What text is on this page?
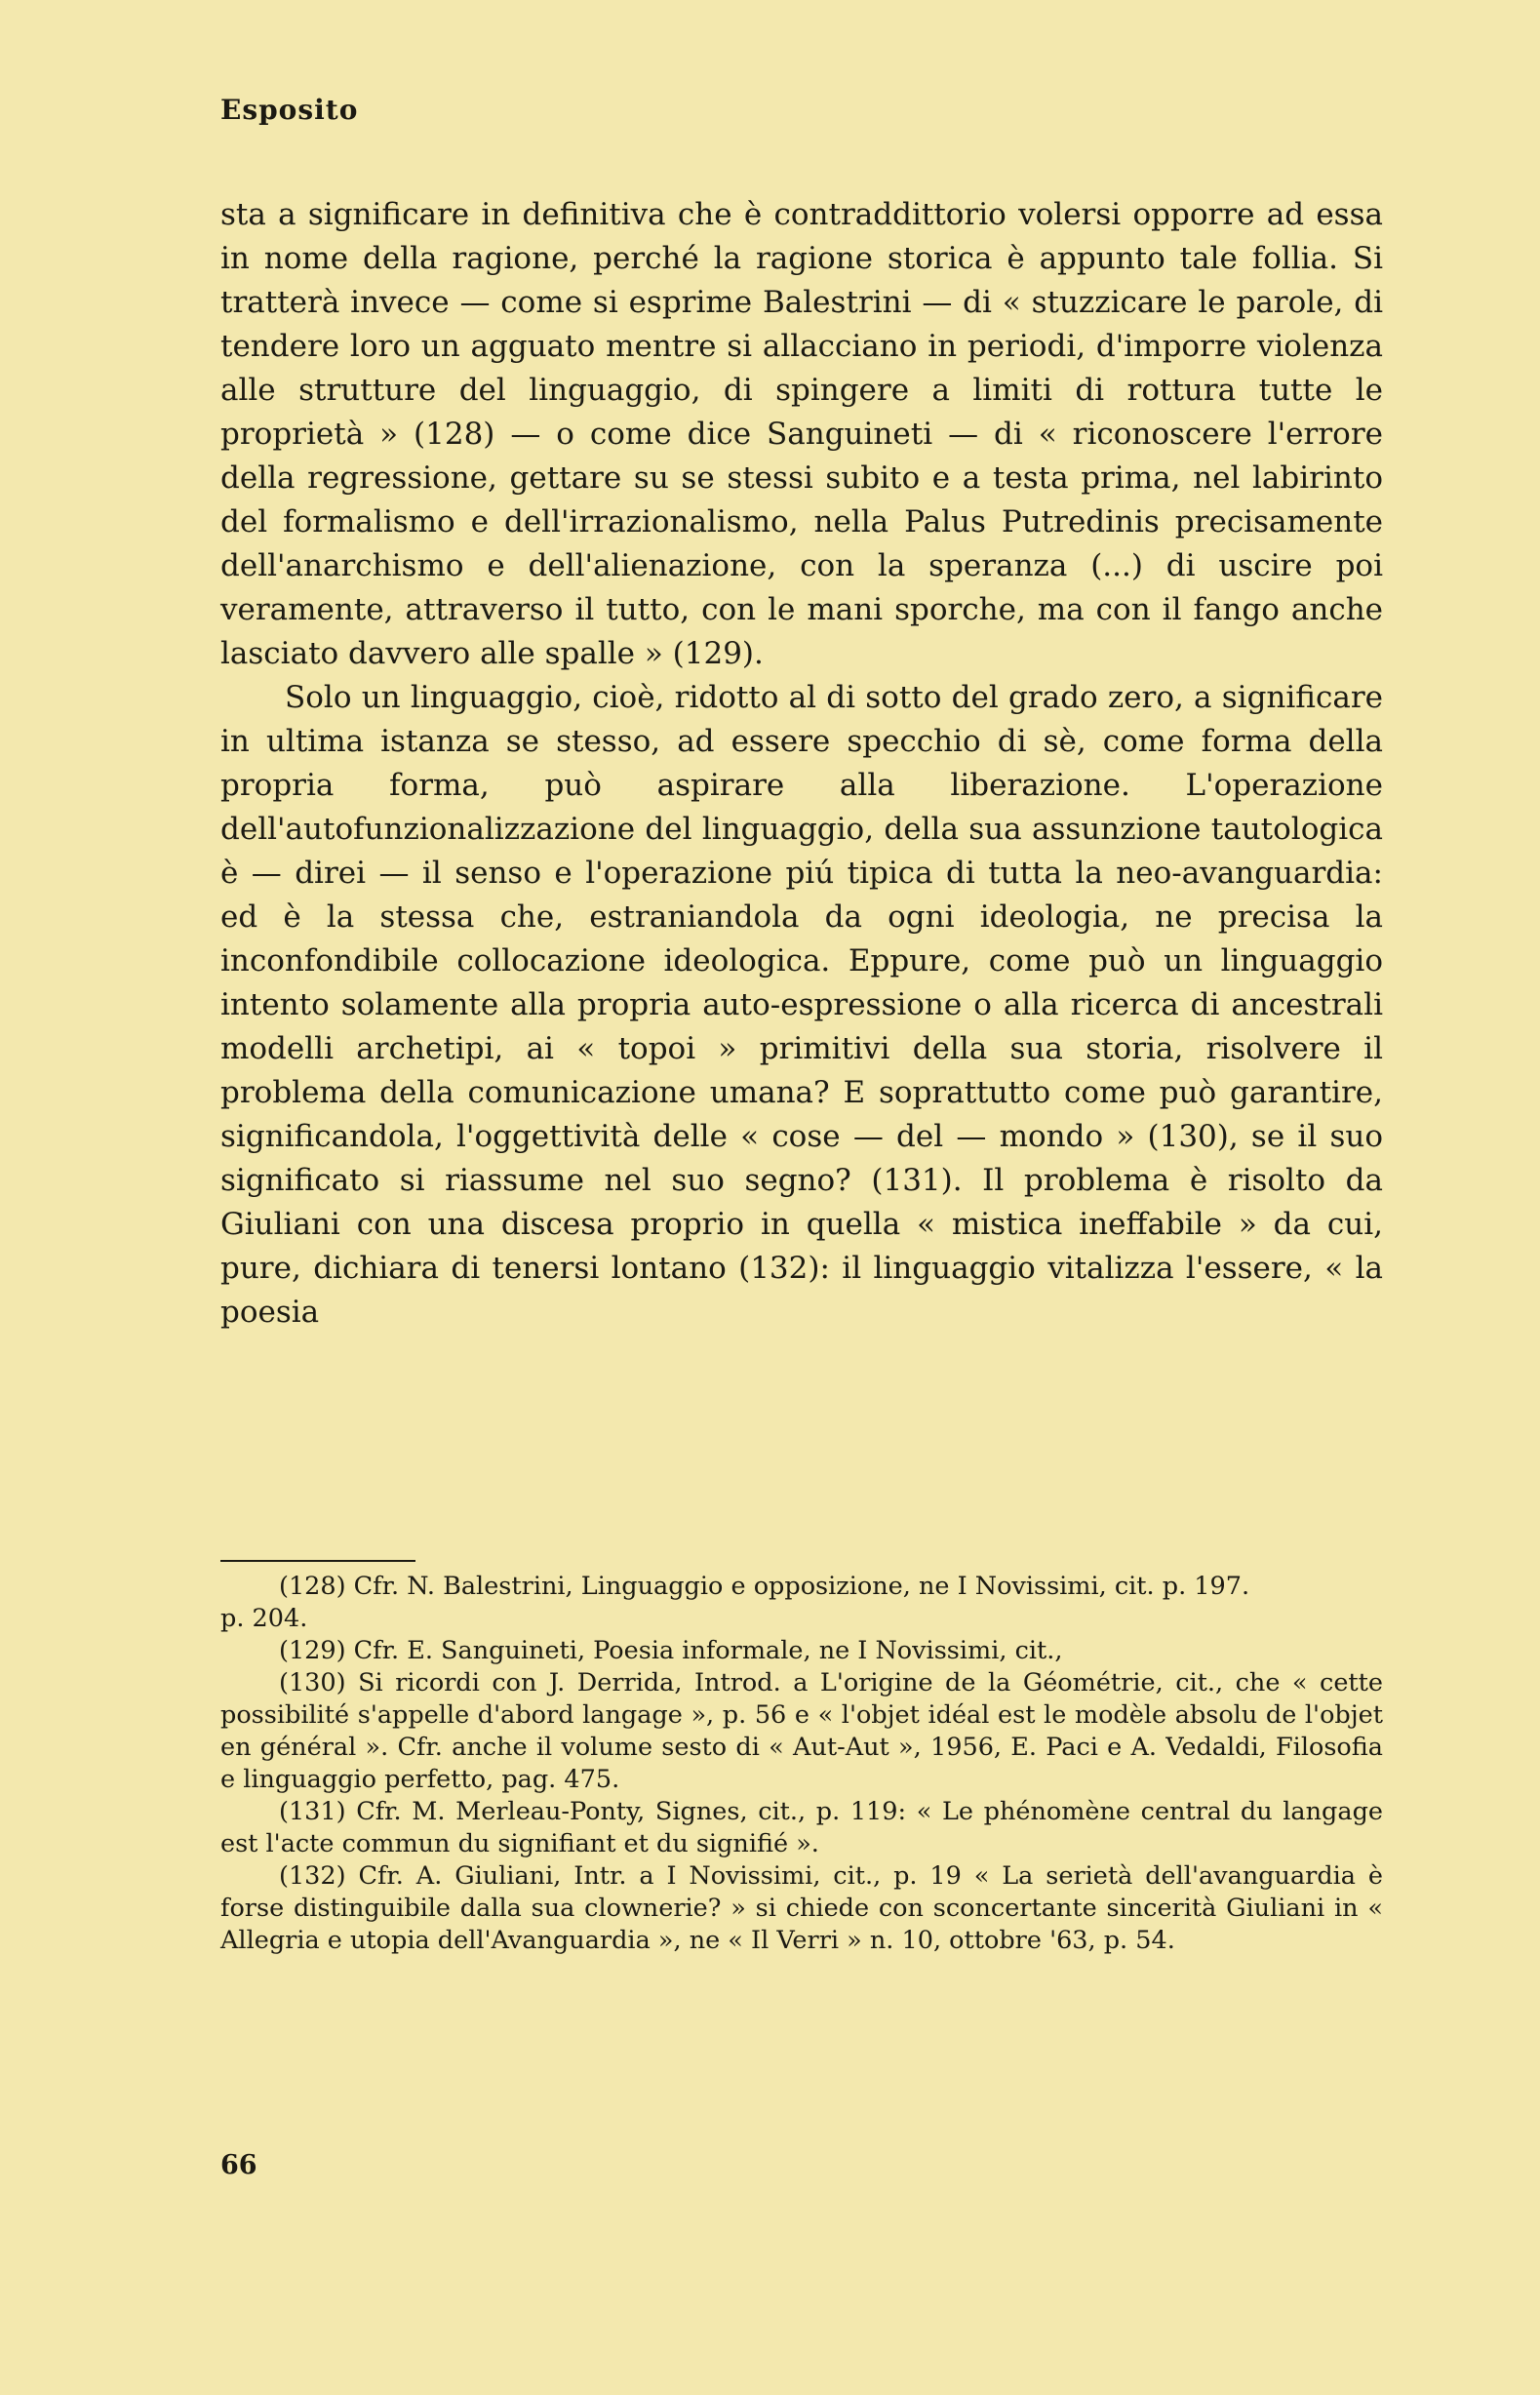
Esposito

sta a significare in definitiva che è contraddittorio volersi opporre ad essa in nome della ragione, perché la ragione storica è appunto tale follia. Si tratterà invece — come si esprime Balestrini — di « stuzzicare le parole, di tendere loro un agguato mentre si allacciano in periodi, d'imporre violenza alle strutture del linguaggio, di spingere a limiti di rottura tutte le proprietà » (128) — o come dice Sanguineti — di « riconoscere l'errore della regressione, gettare su se stessi subito e a testa prima, nel labirinto del formalismo e dell'irrazionalismo, nella Palus Putredinis precisamente dell'anarchismo e dell'alienazione, con la speranza (...) di uscire poi veramente, attraverso il tutto, con le mani sporche, ma con il fango anche lasciato davvero alle spalle » (129).

Solo un linguaggio, cioè, ridotto al di sotto del grado zero, a significare in ultima istanza se stesso, ad essere specchio di sè, come forma della propria forma, può aspirare alla liberazione. L'operazione dell'autofunzionalizzazione del linguaggio, della sua assunzione tautologica è — direi — il senso e l'operazione piú tipica di tutta la neo-avanguardia: ed è la stessa che, estraniandola da ogni ideologia, ne precisa la inconfondibile collocazione ideologica. Eppure, come può un linguaggio intento solamente alla propria auto-espressione o alla ricerca di ancestrali modelli archetipi, ai « topoi » primitivi della sua storia, risolvere il problema della comunicazione umana? E soprattutto come può garantire, significandola, l'oggettività delle « cose — del — mondo » (130), se il suo significato si riassume nel suo segno? (131). Il problema è risolto da Giuliani con una discesa proprio in quella « mistica ineffabile » da cui, pure, dichiara di tenersi lontano (132): il linguaggio vitalizza l'essere, « la poesia

(128) Cfr. N. Balestrini, Linguaggio e opposizione, ne I Novissimi, cit. p. 197.

p. 204.

(129) Cfr. E. Sanguineti, Poesia informale, ne I Novissimi, cit.,

(130) Si ricordi con J. Derrida, Introd. a L'origine de la Géométrie, cit., che « cette possibilité s'appelle d'abord langage », p. 56 e « l'objet idéal est le modèle absolu de l'objet en général ». Cfr. anche il volume sesto di « Aut-Aut », 1956, E. Paci e A. Vedaldi, Filosofia e linguaggio perfetto, pag. 475.

(131) Cfr. M. Merleau-Ponty, Signes, cit., p. 119: « Le phénomène central du langage est l'acte commun du signifiant et du signifié ».

(132) Cfr. A. Giuliani, Intr. a I Novissimi, cit., p. 19 « La serietà dell'avanguardia è forse distinguibile dalla sua clownerie? » si chiede con sconcertante sincerità Giuliani in « Allegria e utopia dell'Avanguardia », ne « Il Verri » n. 10, ottobre '63, p. 54.

66
